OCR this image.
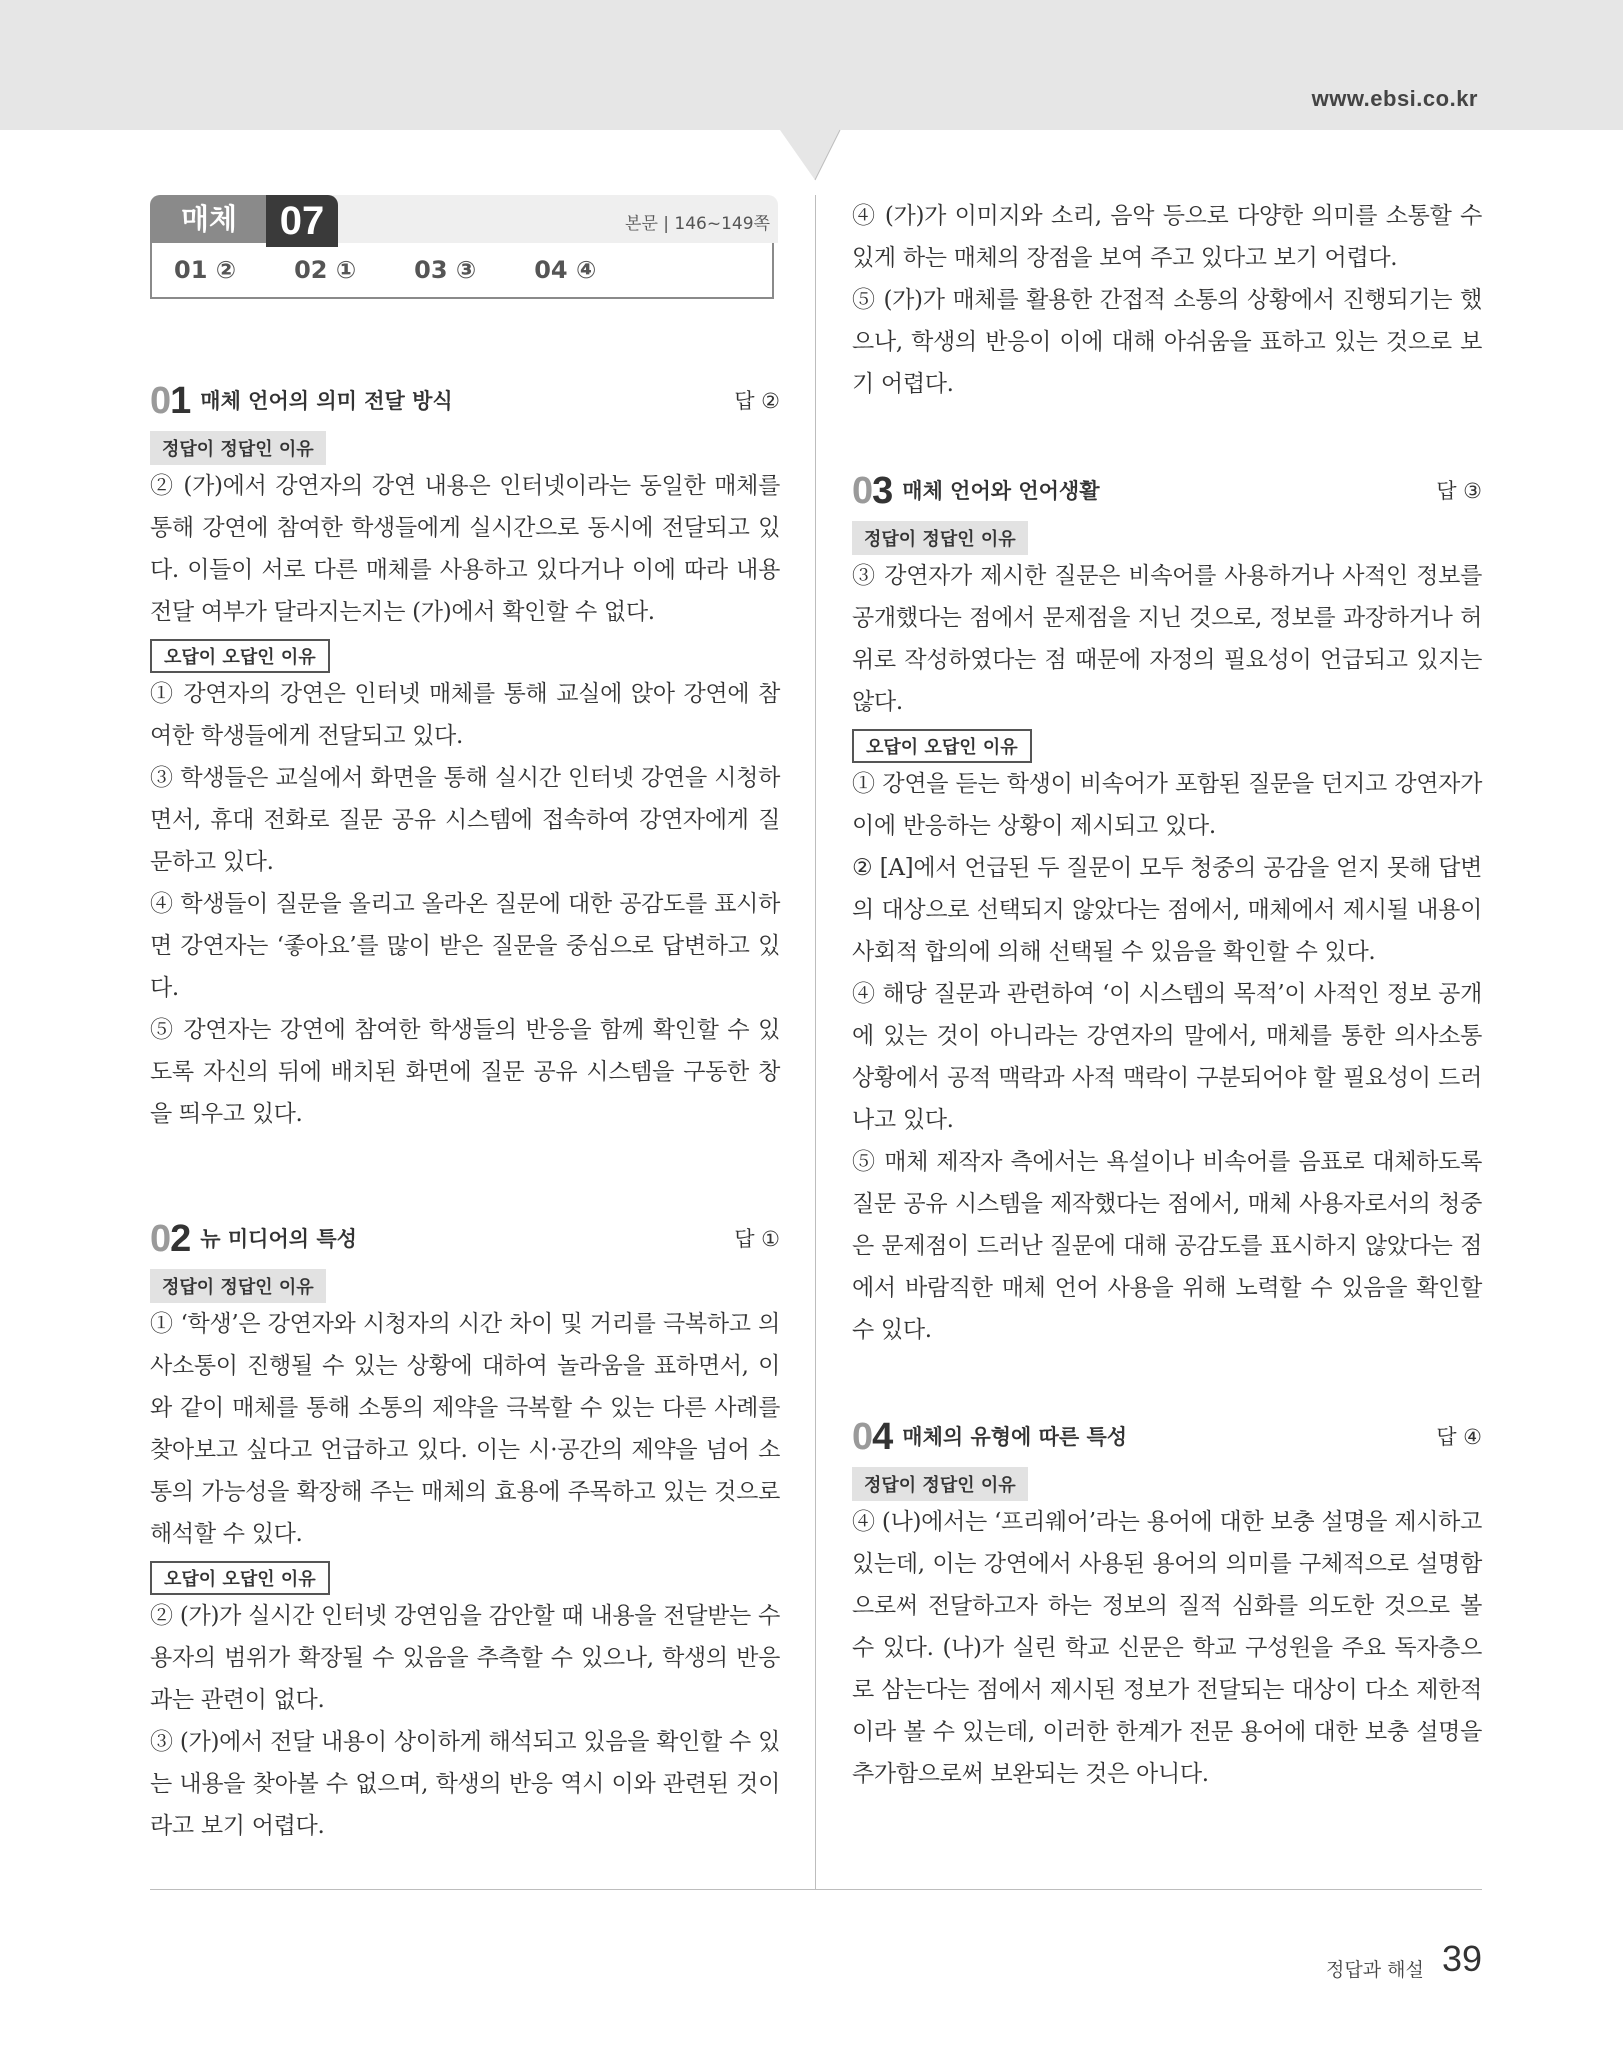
www.ebsi.co.kr
매체	07	본문 | 146~149쪽
01 ② 02 ① 03 ③ 04 ④
01 매체 언어의 의미 전달 방식	답 ②
정답이 정답인 이유

② (가)에서 강연자의 강연 내용은 인터넷이라는 동일한 매체를 통해 강연에 참여한 학생들에게 실시간으로 동시에 전달되고 있다. 이들이 서로 다른 매체를 사용하고 있다거나 이에 따라 내용 전달 여부가 달라지는지는 (가)에서 확인할 수 없다.

오답이 오답인 이유

① 강연자의 강연은 인터넷 매체를 통해 교실에 앉아 강연에 참여한 학생들에게 전달되고 있다.

③ 학생들은 교실에서 화면을 통해 실시간 인터넷 강연을 시청하면서, 휴대 전화로 질문 공유 시스템에 접속하여 강연자에게 질문하고 있다.

④ 학생들이 질문을 올리고 올라온 질문에 대한 공감도를 표시하면 강연자는 ‘좋아요’를 많이 받은 질문을 중심으로 답변하고 있다.

⑤ 강연자는 강연에 참여한 학생들의 반응을 함께 확인할 수 있도록 자신의 뒤에 배치된 화면에 질문 공유 시스템을 구동한 창을 띄우고 있다.

02 뉴 미디어의 특성	답 ①
정답이 정답인 이유

① ‘학생’은 강연자와 시청자의 시간 차이 및 거리를 극복하고 의사소통이 진행될 수 있는 상황에 대하여 놀라움을 표하면서, 이와 같이 매체를 통해 소통의 제약을 극복할 수 있는 다른 사례를 찾아보고 싶다고 언급하고 있다. 이는 시·공간의 제약을 넘어 소통의 가능성을 확장해 주는 매체의 효용에 주목하고 있는 것으로 해석할 수 있다.

오답이 오답인 이유

② (가)가 실시간 인터넷 강연임을 감안할 때 내용을 전달받는 수용자의 범위가 확장될 수 있음을 추측할 수 있으나, 학생의 반응과는 관련이 없다.

③ (가)에서 전달 내용이 상이하게 해석되고 있음을 확인할 수 있는 내용을 찾아볼 수 없으며, 학생의 반응 역시 이와 관련된 것이라고 보기 어렵다.

④ (가)가 이미지와 소리, 음악 등으로 다양한 의미를 소통할 수 있게 하는 매체의 장점을 보여 주고 있다고 보기 어렵다.

⑤ (가)가 매체를 활용한 간접적 소통의 상황에서 진행되기는 했으나, 학생의 반응이 이에 대해 아쉬움을 표하고 있는 것으로 보기 어렵다.

03 매체 언어와 언어생활	답 ③
정답이 정답인 이유

③ 강연자가 제시한 질문은 비속어를 사용하거나 사적인 정보를 공개했다는 점에서 문제점을 지닌 것으로, 정보를 과장하거나 허위로 작성하였다는 점 때문에 자정의 필요성이 언급되고 있지는 않다.

오답이 오답인 이유

① 강연을 듣는 학생이 비속어가 포함된 질문을 던지고 강연자가 이에 반응하는 상황이 제시되고 있다.

② [A]에서 언급된 두 질문이 모두 청중의 공감을 얻지 못해 답변의 대상으로 선택되지 않았다는 점에서, 매체에서 제시될 내용이 사회적 합의에 의해 선택될 수 있음을 확인할 수 있다.

④ 해당 질문과 관련하여 ‘이 시스템의 목적’이 사적인 정보 공개에 있는 것이 아니라는 강연자의 말에서, 매체를 통한 의사소통 상황에서 공적 맥락과 사적 맥락이 구분되어야 할 필요성이 드러나고 있다.

⑤ 매체 제작자 측에서는 욕설이나 비속어를 음표로 대체하도록 질문 공유 시스템을 제작했다는 점에서, 매체 사용자로서의 청중은 문제점이 드러난 질문에 대해 공감도를 표시하지 않았다는 점에서 바람직한 매체 언어 사용을 위해 노력할 수 있음을 확인할 수 있다.

04 매체의 유형에 따른 특성	답 ④
정답이 정답인 이유

④ (나)에서는 ‘프리웨어’라는 용어에 대한 보충 설명을 제시하고 있는데, 이는 강연에서 사용된 용어의 의미를 구체적으로 설명함으로써 전달하고자 하는 정보의 질적 심화를 의도한 것으로 볼 수 있다. (나)가 실린 학교 신문은 학교 구성원을 주요 독자층으로 삼는다는 점에서 제시된 정보가 전달되는 대상이 다소 제한적이라 볼 수 있는데, 이러한 한계가 전문 용어에 대한 보충 설명을 추가함으로써 보완되는 것은 아니다.

정답과 해설 39
